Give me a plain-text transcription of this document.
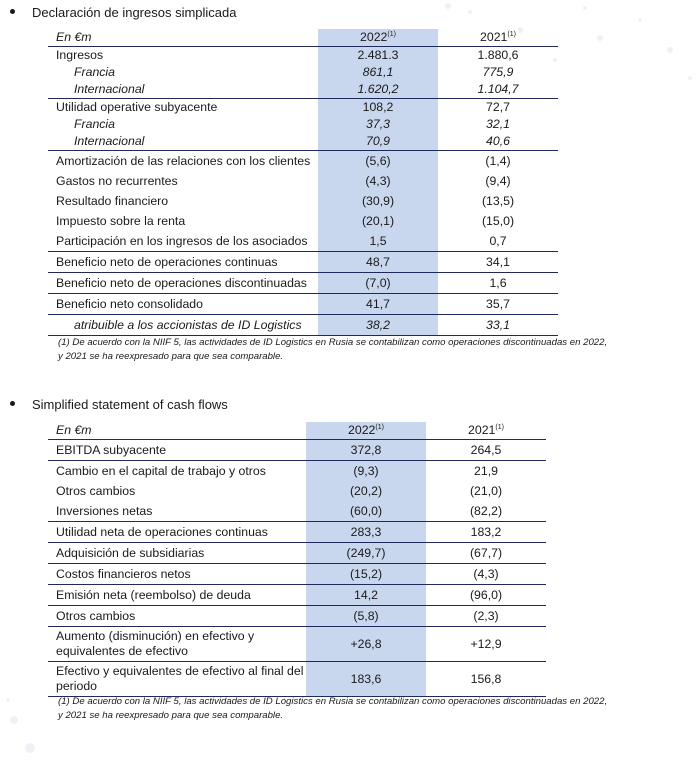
Declaración de ingresos simplicada
En €m	2022$^{(1)}$	2021$^{(1)}$
Ingresos	2.481.3	1.880,6
Francia	861,1	775,9
Internacional	1.620,2	1.104,7
Utilidad operative subyacente	108,2	72,7
Francia	37,3	32,1
Internacional	70,9	40,6
Amortización de las relaciones con los clientes	(5,6)	(1,4)
Gastos no recurrentes	(4,3)	(9,4)
Resultado financiero	(30,9)	(13,5)
Impuesto sobre la renta	(20,1)	(15,0)
Participación en los ingresos de los asociados	1,5	0,7
Beneficio neto de operaciones continuas	48,7	34,1
Beneficio neto de operaciones discontinuadas	(7,0)	1,6
Beneficio neto consolidado	41,7	35,7
atribuible a los accionistas de ID Logistics	38,2	33,1
(1) De acuerdo con la NIIF 5, las actividades de ID Logistics en Rusia se contabilizan como operaciones discontinuadas en 2022,
y 2021 se ha reexpresado para que sea comparable.
Simplified statement of cash flows
En €m	2022$^{(1)}$	2021$^{(1)}$
EBITDA subyacente	372,8	264,5
Cambio en el capital de trabajo y otros	(9,3)	21,9
Otros cambios	(20,2)	(21,0)
Inversiones netas	(60,0)	(82,2)
Utilidad neta de operaciones continuas	283,3	183,2
Adquisición de subsidiarias	(249,7)	(67,7)
Costos financieros netos	(15,2)	(4,3)
Emisión neta (reembolso) de deuda	14,2	(96,0)
Otros cambios	(5,8)	(2,3)
Aumento (disminución) en efectivo y equivalentes de efectivo	+26,8	+12,9
Efectivo y equivalentes de efectivo al final del periodo	183,6	156,8
(1) De acuerdo con la NIIF 5, las actividades de ID Logistics en Rusia se contabilizan como operaciones discontinuadas en 2022,
y 2021 se ha reexpresado para que sea comparable.
